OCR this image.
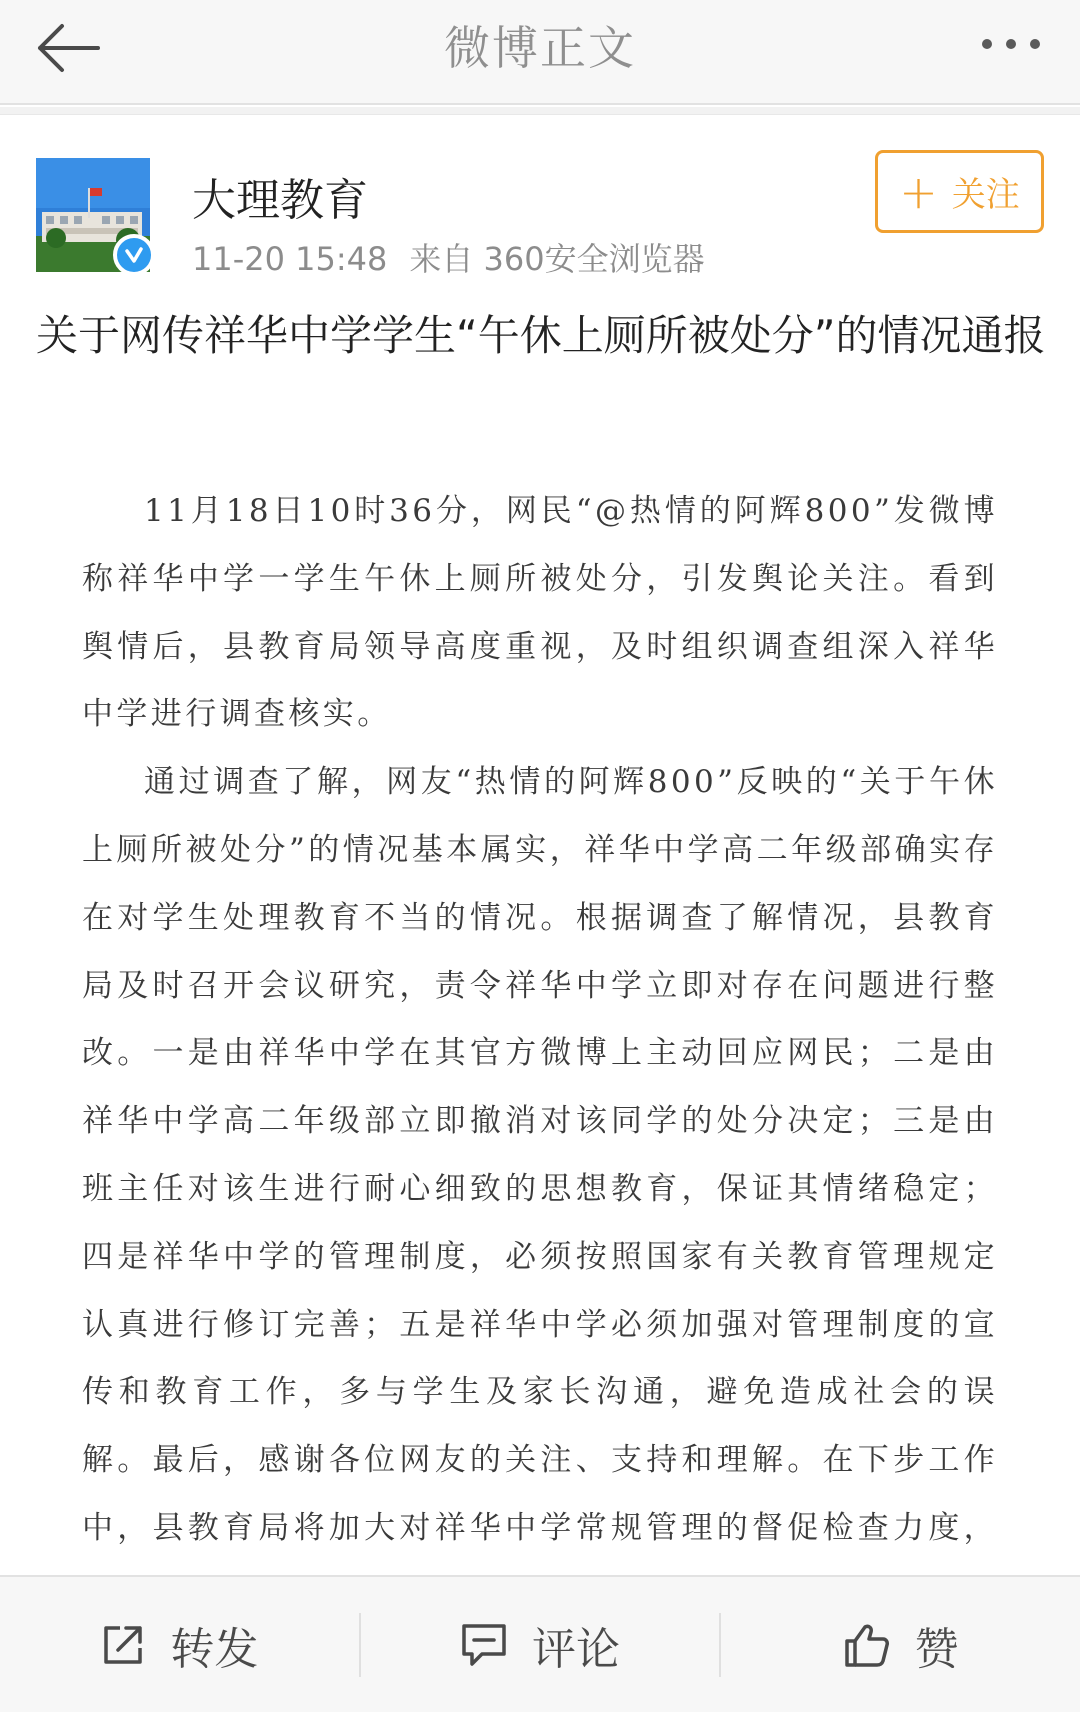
微博正文
大理教育
11-20 15:48 来自 360安全浏览器
+ 关注
关于网传祥华中学学生“午休上厕所被处分”的情况通报

11月18日10时36分，网民“@热情的阿辉800”发微博称祥华中学一学生午休上厕所被处分，引发舆论关注。看到舆情后，县教育局领导高度重视，及时组织调查组深入祥华中学进行调查核实。

通过调查了解，网友“热情的阿辉800”反映的“关于午休上厕所被处分”的情况基本属实，祥华中学高二年级部确实存在对学生处理教育不当的情况。根据调查了解情况，县教育局及时召开会议研究，责令祥华中学立即对存在问题进行整改。一是由祥华中学在其官方微博上主动回应网民；二是由祥华中学高二年级部立即撤消对该同学的处分决定；三是由班主任对该生进行耐心细致的思想教育，保证其情绪稳定；四是祥华中学的管理制度，必须按照国家有关教育管理规定认真进行修订完善；五是祥华中学必须加强对管理制度的宣传和教育工作，多与学生及家长沟通，避免造成社会的误解。最后，感谢各位网友的关注、支持和理解。在下步工作中，县教育局将加大对祥华中学常规管理的督促检查力度，

转发	评论	赞
